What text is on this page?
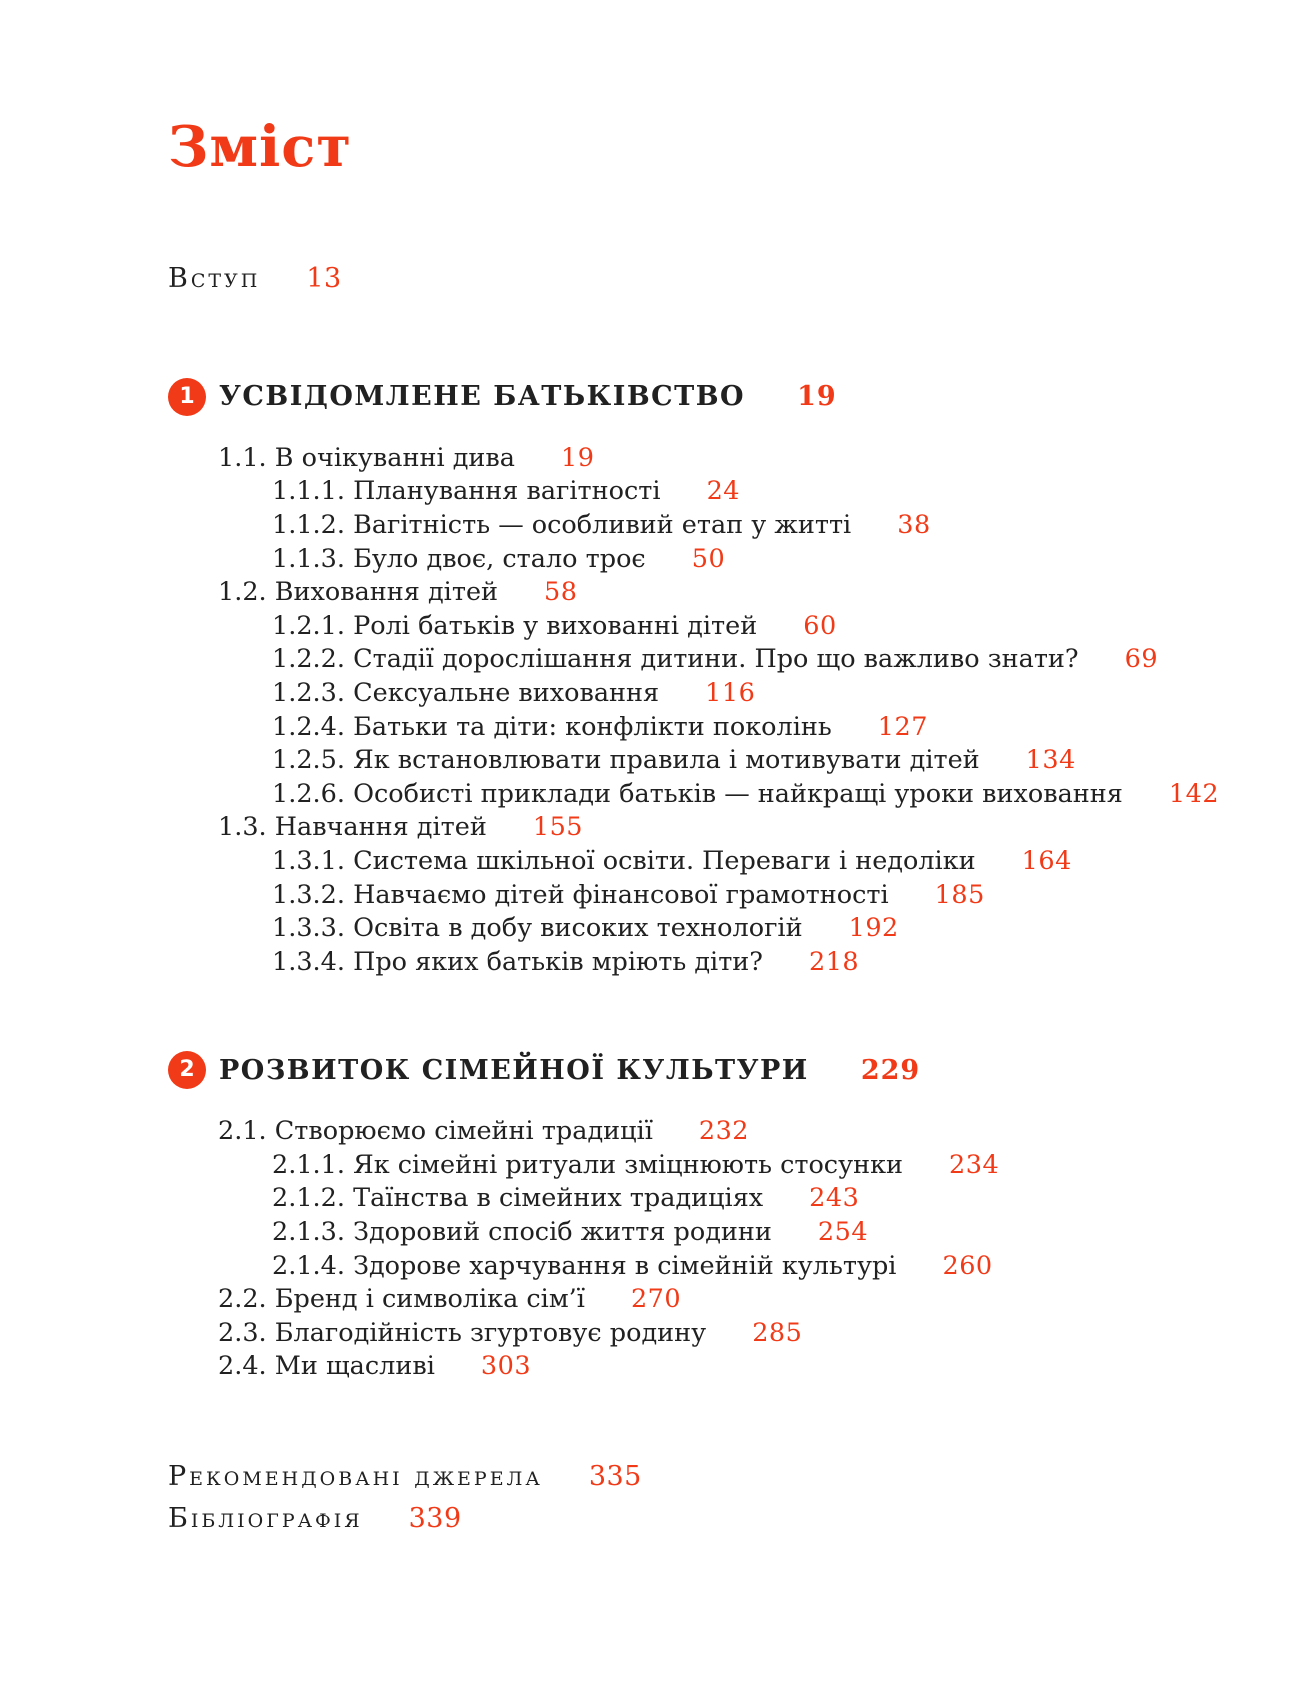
Зміст
Вступ 13
1 УСВІДОМЛЕНЕ БАТЬКІВСТВО 19
1.1. В очікуванні дива 19
1.1.1. Планування вагітності 24
1.1.2. Вагітність — особливий етап у житті 38
1.1.3. Було двоє, стало троє 50
1.2. Виховання дітей 58
1.2.1. Ролі батьків у вихованні дітей 60
1.2.2. Стадії дорослішання дитини. Про що важливо знати? 69
1.2.3. Сексуальне виховання 116
1.2.4. Батьки та діти: конфлікти поколінь 127
1.2.5. Як встановлювати правила і мотивувати дітей 134
1.2.6. Особисті приклади батьків — найкращі уроки виховання 142
1.3. Навчання дітей 155
1.3.1. Система шкільної освіти. Переваги і недоліки 164
1.3.2. Навчаємо дітей фінансової грамотності 185
1.3.3. Освіта в добу високих технологій 192
1.3.4. Про яких батьків мріють діти? 218
2 РОЗВИТОК СІМЕЙНОЇ КУЛЬТУРИ 229
2.1. Створюємо сімейні традиції 232
2.1.1. Як сімейні ритуали зміцнюють стосунки 234
2.1.2. Таїнства в сімейних традиціях 243
2.1.3. Здоровий спосіб життя родини 254
2.1.4. Здорове харчування в сімейній культурі 260
2.2. Бренд і символіка сім’ї 270
2.3. Благодійність згуртовує родину 285
2.4. Ми щасливі 303
Рекомендовані джерела 335
Бібліографія 339
